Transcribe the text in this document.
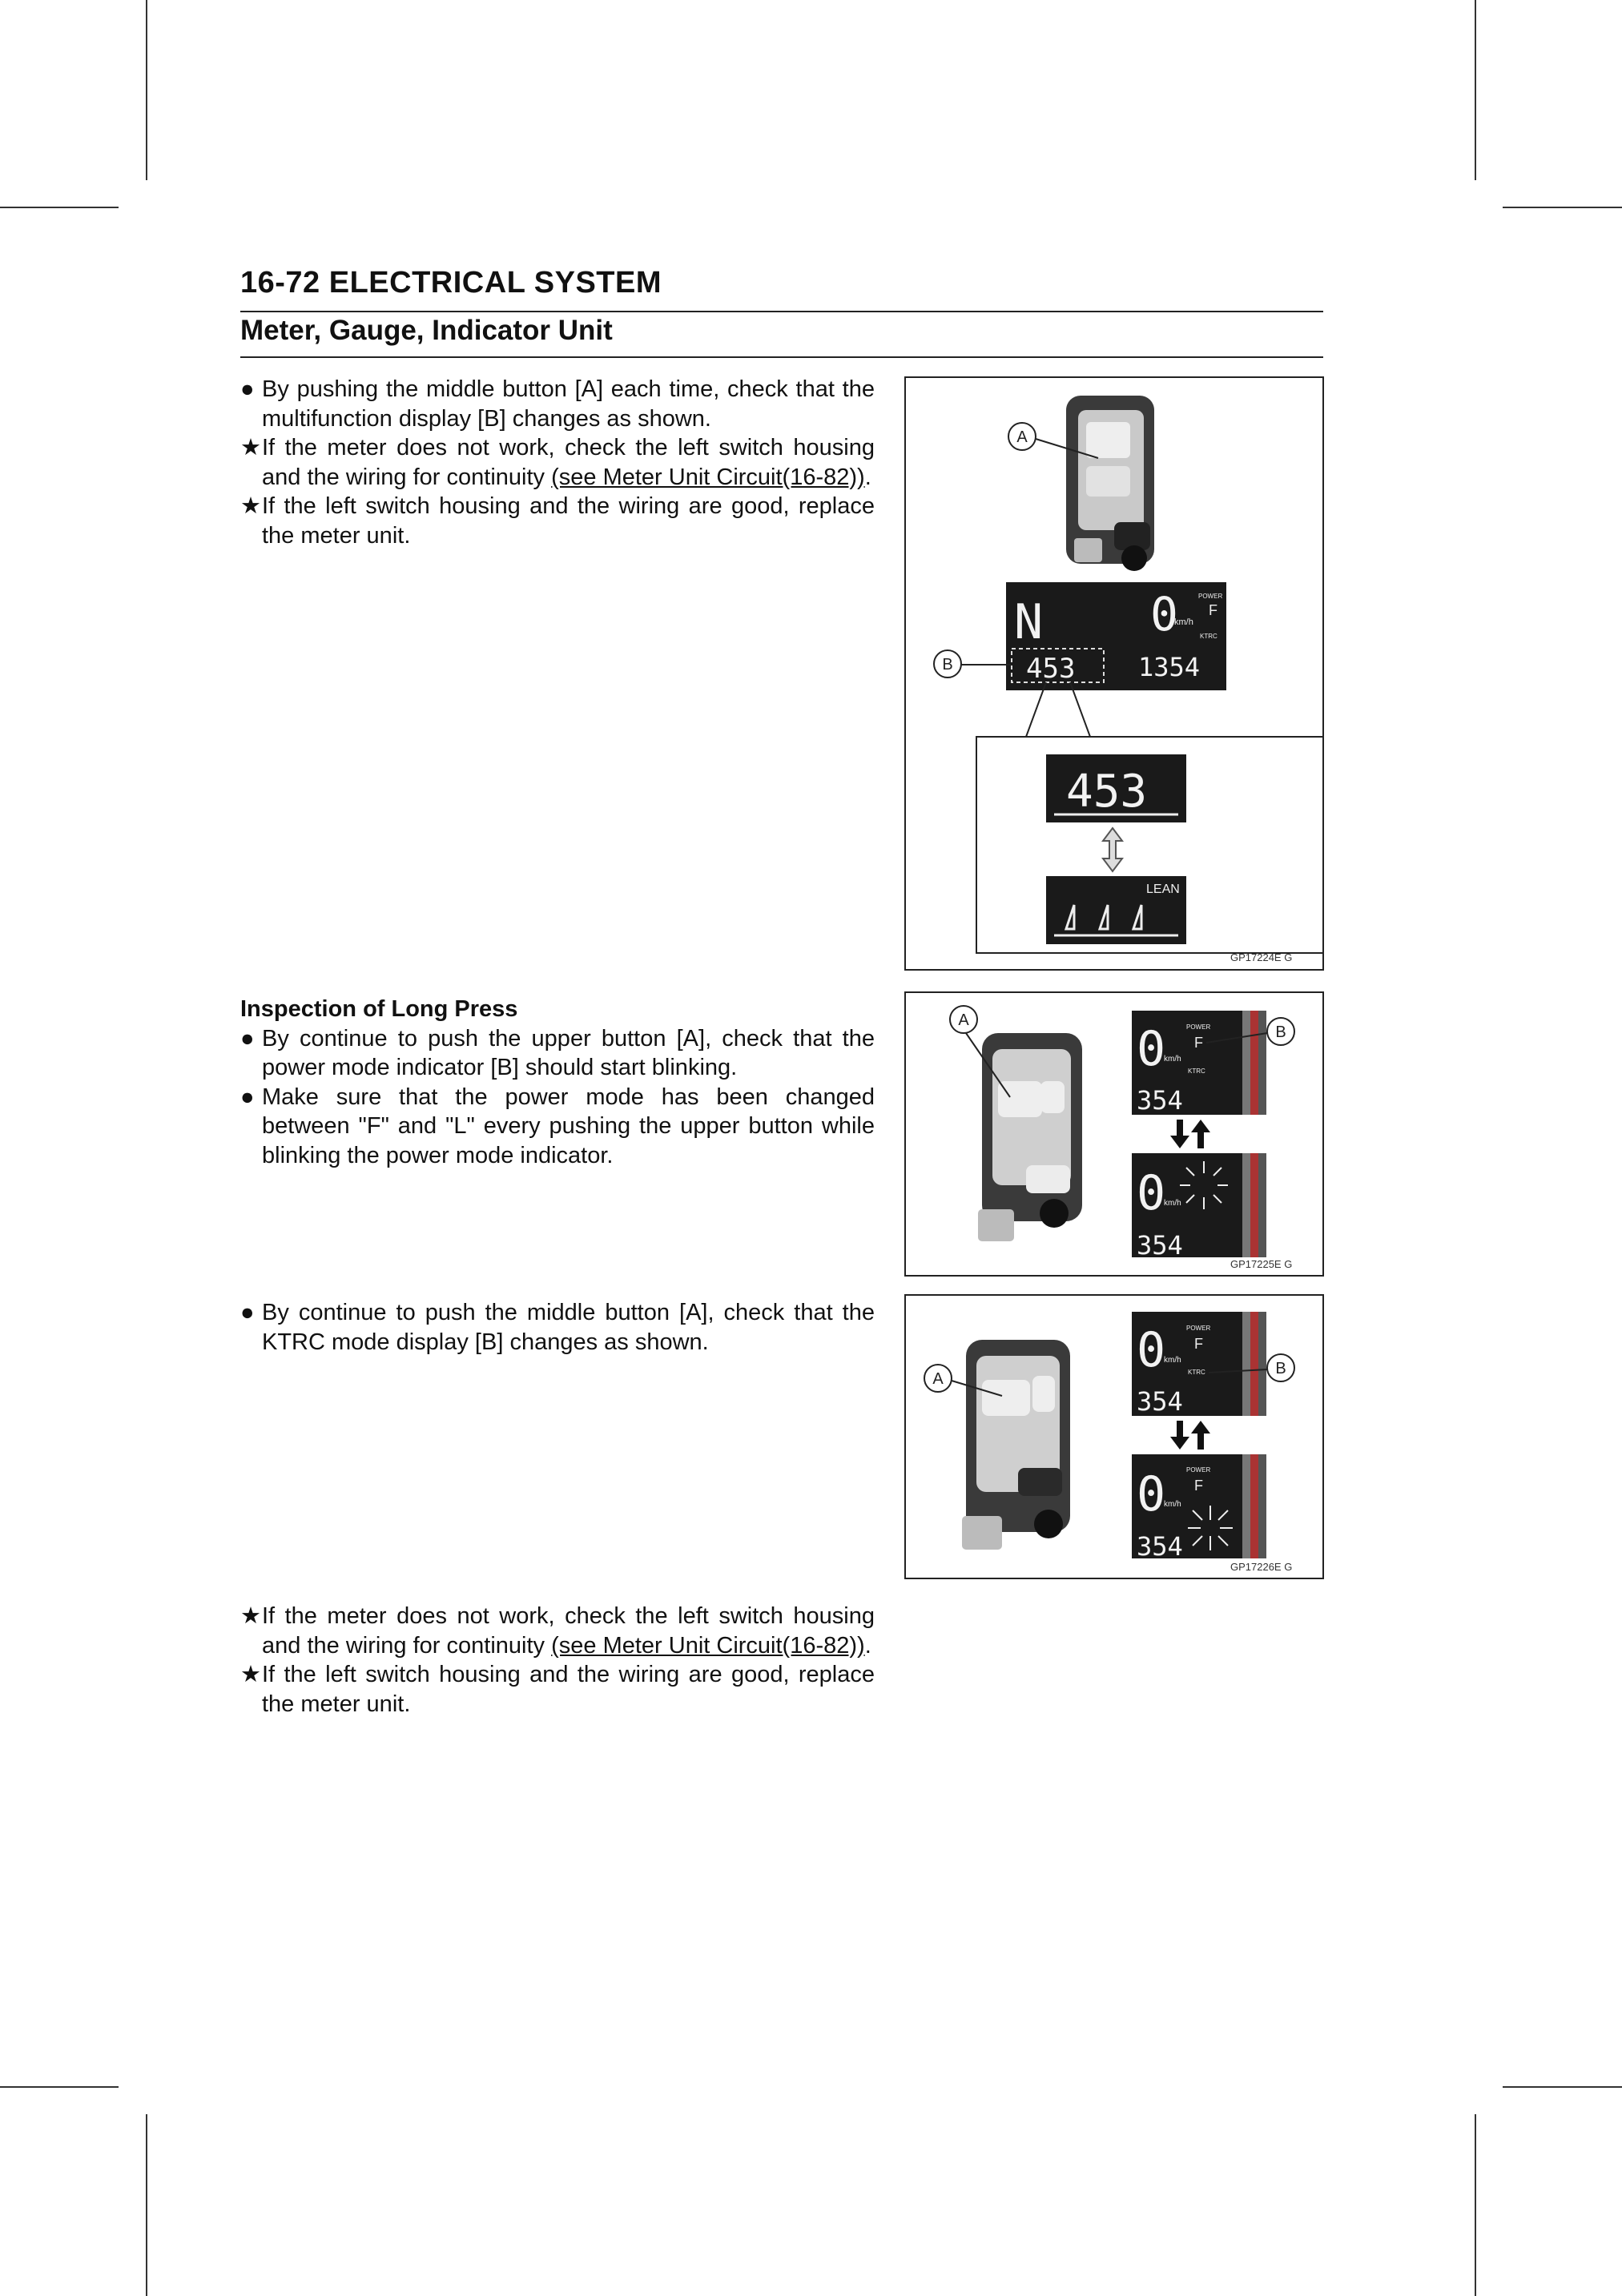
16-72 ELECTRICAL SYSTEM
Meter, Gauge, Indicator Unit
● By pushing the middle button [A] each time, check that the multifunction display [B] changes as shown.
★ If the meter does not work, check the left switch housing and the wiring for continuity (see Meter Unit Circuit(16-82)).
★ If the left switch housing and the wiring are good, replace the meter unit.
Inspection of Long Press
● By continue to push the upper button [A], check that the power mode indicator [B] should start blinking.
● Make sure that the power mode has been changed between "F" and "L" every pushing the upper button while blinking the power mode indicator.
● By continue to push the middle button [A], check that the KTRC mode display [B] changes as shown.
★ If the meter does not work, check the left switch housing and the wiring for continuity (see Meter Unit Circuit(16-82)).
★ If the left switch housing and the wiring are good, replace the meter unit.
A
N 0
km/h
POWER
F
KTRC
453 1354
B
453
LEAN
GP17224E G
A
0
km/h
POWER
F
KTRC
354
B
0
km/h
354
GP17225E G
A
0
km/h
POWER
F
KTRC
354
B
0
km/h
POWER
F
354
GP17226E G
